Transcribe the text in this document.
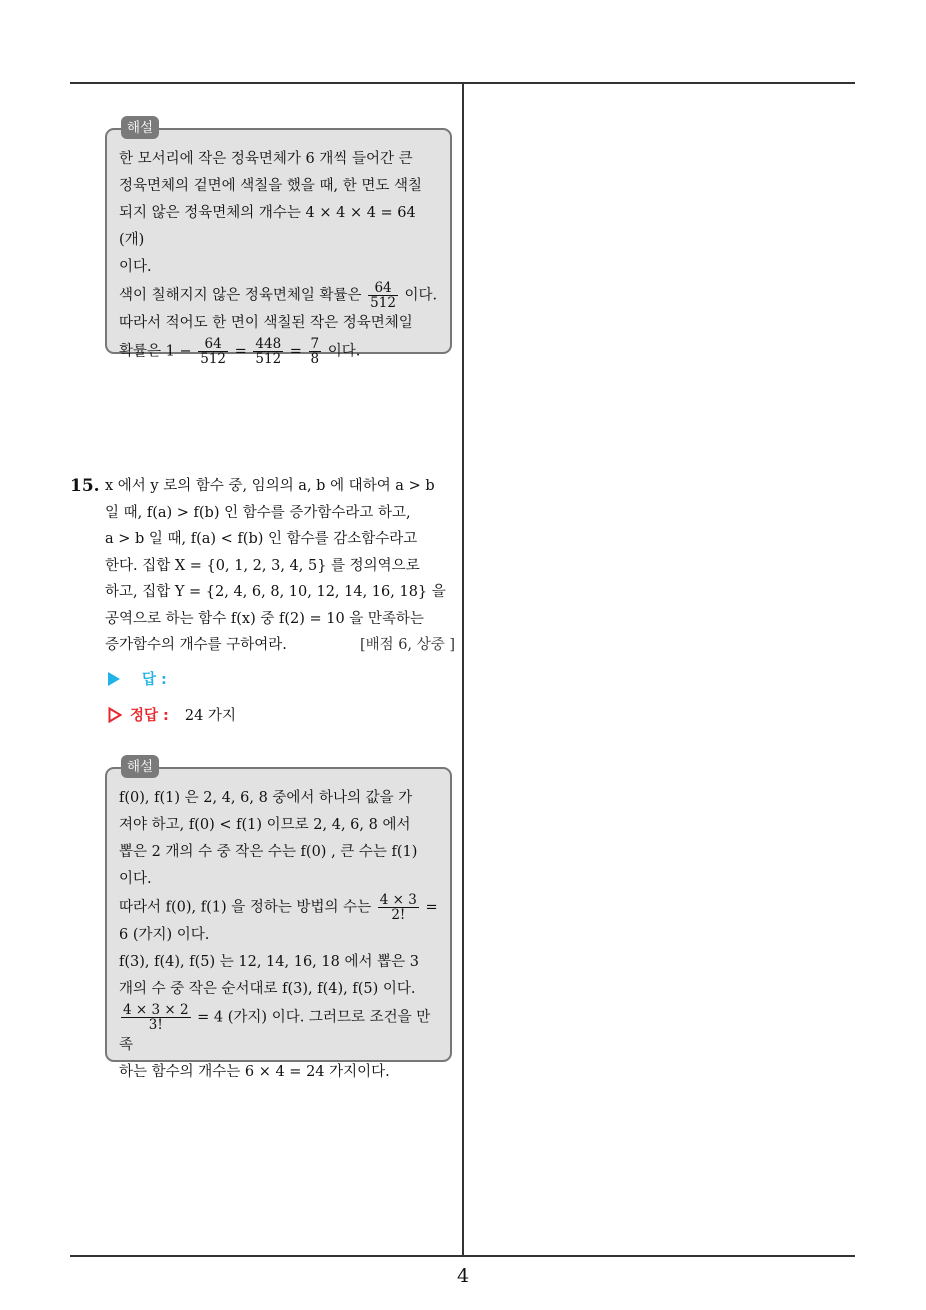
해설

한 모서리에 작은 정육면체가 6 개씩 들어간 큰

정육면체의 겉면에 색칠을 했을 때, 한 면도 색칠

되지 않은 정육면체의 개수는 4 × 4 × 4 = 64 (개)

이다.

색이 칠해지지 않은 정육면체일 확률은 $\frac{64}{512}$ 이다.

따라서 적어도 한 면이 색칠된 작은 정육면체일

확률은 $1 - \frac{64}{512} = \frac{448}{512} = \frac{7}{8}$ 이다.

15. x 에서 y 로의 함수 중, 임의의 a, b 에 대하여 a > b

일 때, f(a) > f(b) 인 함수를 증가함수라고 하고,

a > b 일 때, f(a) < f(b) 인 함수를 감소함수라고

한다. 집합 X = {0, 1, 2, 3, 4, 5} 를 정의역으로

하고, 집합 Y = {2, 4, 6, 8, 10, 12, 14, 16, 18} 을

공역으로 하는 함수 f(x) 중 f(2) = 10 을 만족하는

증가함수의 개수를 구하여라.	[배점 6, 상중 ]

답 :
정답 : 24 가지
해설

f(0), f(1) 은 2, 4, 6, 8 중에서 하나의 값을 가

져야 하고, f(0) < f(1) 이므로 2, 4, 6, 8 에서

뽑은 2 개의 수 중 작은 수는 f(0) , 큰 수는 f(1)

이다.

따라서 f(0), f(1) 을 정하는 방법의 수는 $\frac{4 \times 3}{2!}$ =

6 (가지) 이다.

f(3), f(4), f(5) 는 12, 14, 16, 18 에서 뽑은 3

개의 수 중 작은 순서대로 f(3), f(4), f(5) 이다.

$\frac{4 \times 3 \times 2}{3!} = 4$ (가지) 이다. 그러므로 조건을 만족

하는 함수의 개수는 6 × 4 = 24 가지이다.

4
